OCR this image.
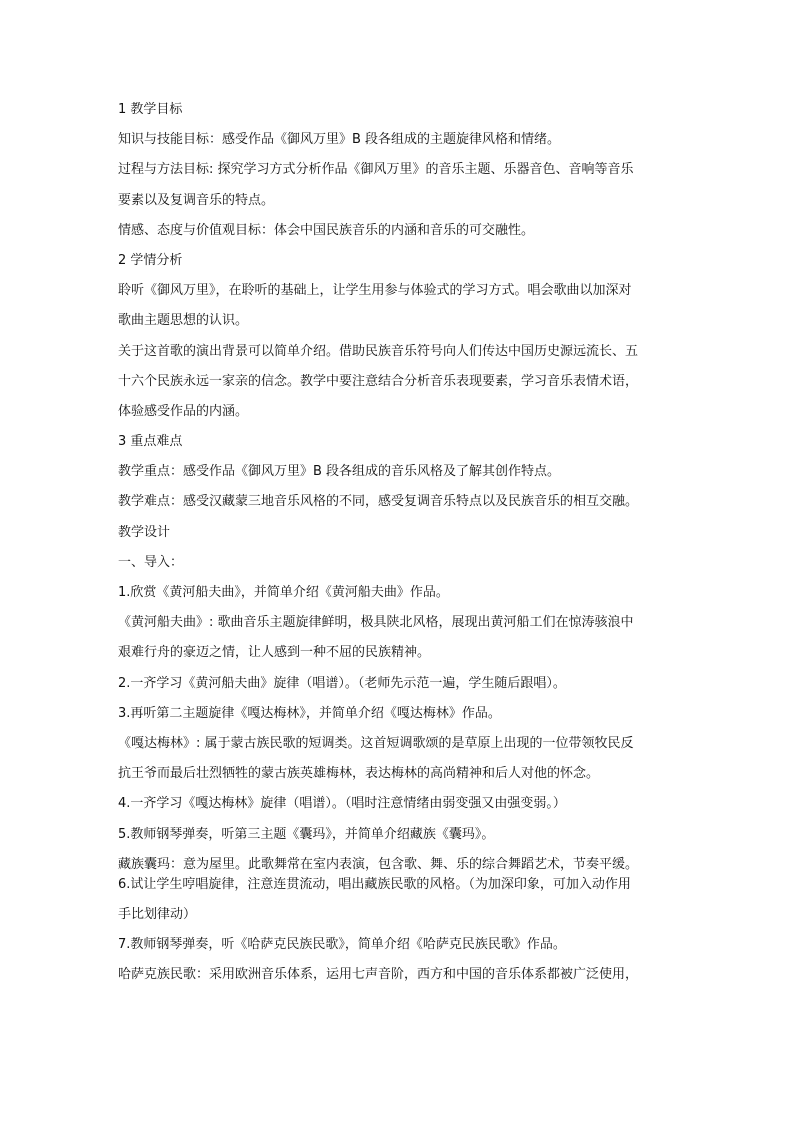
1 教学目标
知识与技能目标：感受作品《御风万里》B 段各组成的主题旋律风格和情绪。
过程与方法目标: 探究学习方式分析作品《御风万里》的音乐主题、乐器音色、音响等音乐
要素以及复调音乐的特点。
情感、态度与价值观目标：体会中国民族音乐的内涵和音乐的可交融性。
2 学情分析
聆听《御风万里》，在聆听的基础上，让学生用参与体验式的学习方式。唱会歌曲以加深对
歌曲主题思想的认识。
关于这首歌的演出背景可以简单介绍。借助民族音乐符号向人们传达中国历史源远流长、五
十六个民族永远一家亲的信念。教学中要注意结合分析音乐表现要素，学习音乐表情术语，
体验感受作品的内涵。
3 重点难点
教学重点：感受作品《御风万里》B 段各组成的音乐风格及了解其创作特点。
教学难点：感受汉藏蒙三地音乐风格的不同，感受复调音乐特点以及民族音乐的相互交融。
教学设计
一、导入：
1.欣赏《黄河船夫曲》，并简单介绍《黄河船夫曲》作品。
《黄河船夫曲》: 歌曲音乐主题旋律鲜明，极具陕北风格，展现出黄河船工们在惊涛骇浪中
艰难行舟的豪迈之情，让人感到一种不屈的民族精神。
2.一齐学习《黄河船夫曲》旋律（唱谱）。（老师先示范一遍，学生随后跟唱）。
3.再听第二主题旋律《嘎达梅林》，并简单介绍《嘎达梅林》作品。
《嘎达梅林》: 属于蒙古族民歌的短调类。这首短调歌颂的是草原上出现的一位带领牧民反
抗王爷而最后壮烈牺牲的蒙古族英雄梅林，表达梅林的高尚精神和后人对他的怀念。
4.一齐学习《嘎达梅林》旋律（唱谱）。（唱时注意情绪由弱变强又由强变弱。）
5.教师钢琴弹奏，听第三主题《囊玛》，并简单介绍藏族《囊玛》。
藏族囊玛：意为屋里。此歌舞常在室内表演，包含歌、舞、乐的综合舞蹈艺术，节奏平缓。
6.试让学生哼唱旋律，注意连贯流动，唱出藏族民歌的风格。（为加深印象，可加入动作用
手比划律动）
7.教师钢琴弹奏，听《哈萨克民族民歌》，简单介绍《哈萨克民族民歌》作品。
哈萨克族民歌：采用欧洲音乐体系，运用七声音阶，西方和中国的音乐体系都被广泛使用，
